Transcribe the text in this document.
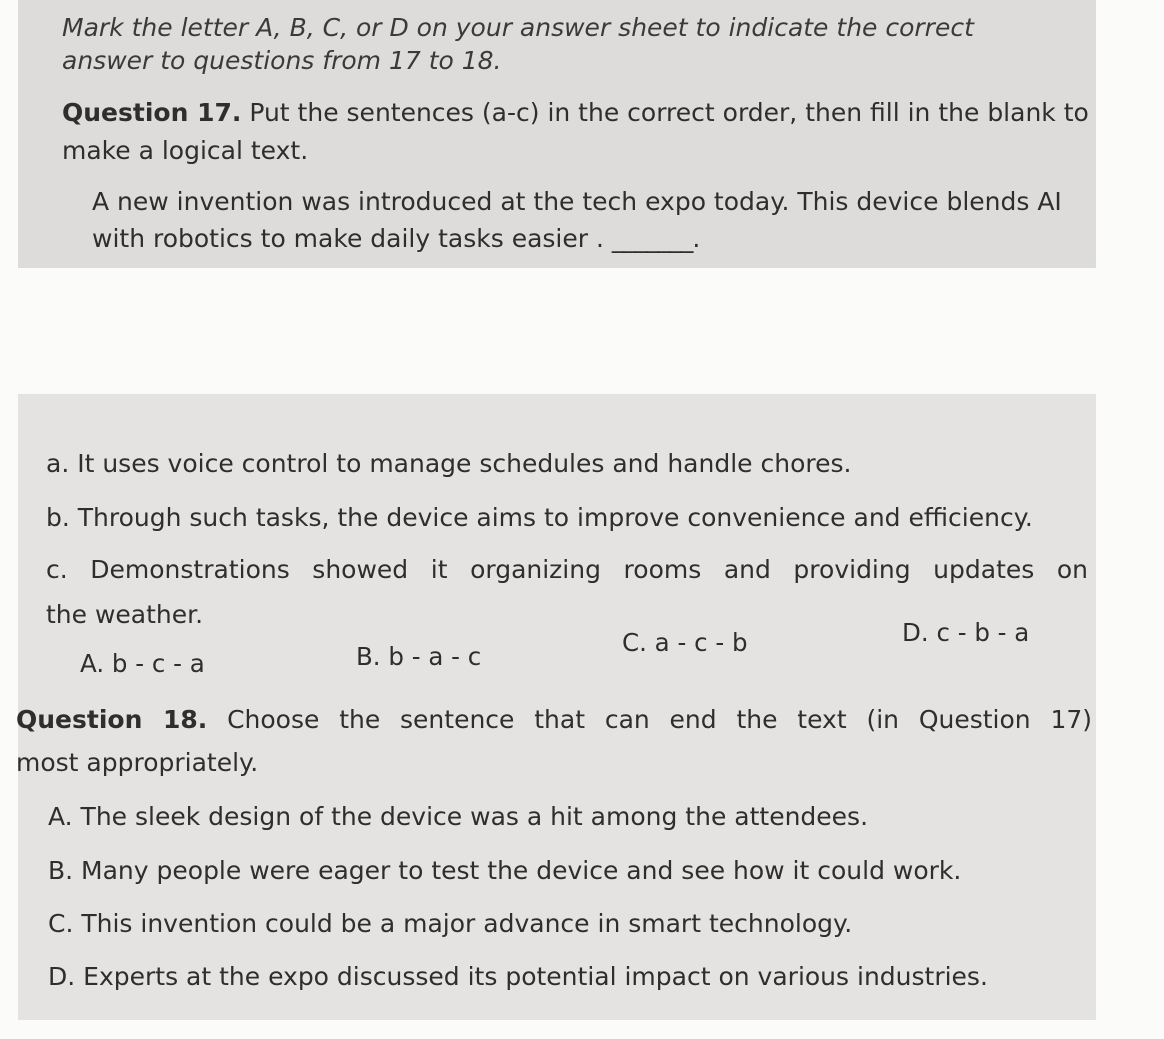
Mark the letter A, B, C, or D on your answer sheet to indicate the correct

answer to questions from 17 to 18.

Question 17. Put the sentences (a-c) in the correct order, then fill in the blank to

make a logical text.

A new invention was introduced at the tech expo today. This device blends AI

with robotics to make daily tasks easier . _______.

a. It uses voice control to manage schedules and handle chores.

b. Through such tasks, the device aims to improve convenience and efficiency.

c. Demonstrations showed it organizing rooms and providing updates on

the weather.

A. b - c - a	B. b - a - c	C. a - c - b	D. c - b - a

Question 18. Choose the sentence that can end the text (in Question 17)

most appropriately.

A. The sleek design of the device was a hit among the attendees.

B. Many people were eager to test the device and see how it could work.

C. This invention could be a major advance in smart technology.

D. Experts at the expo discussed its potential impact on various industries.
